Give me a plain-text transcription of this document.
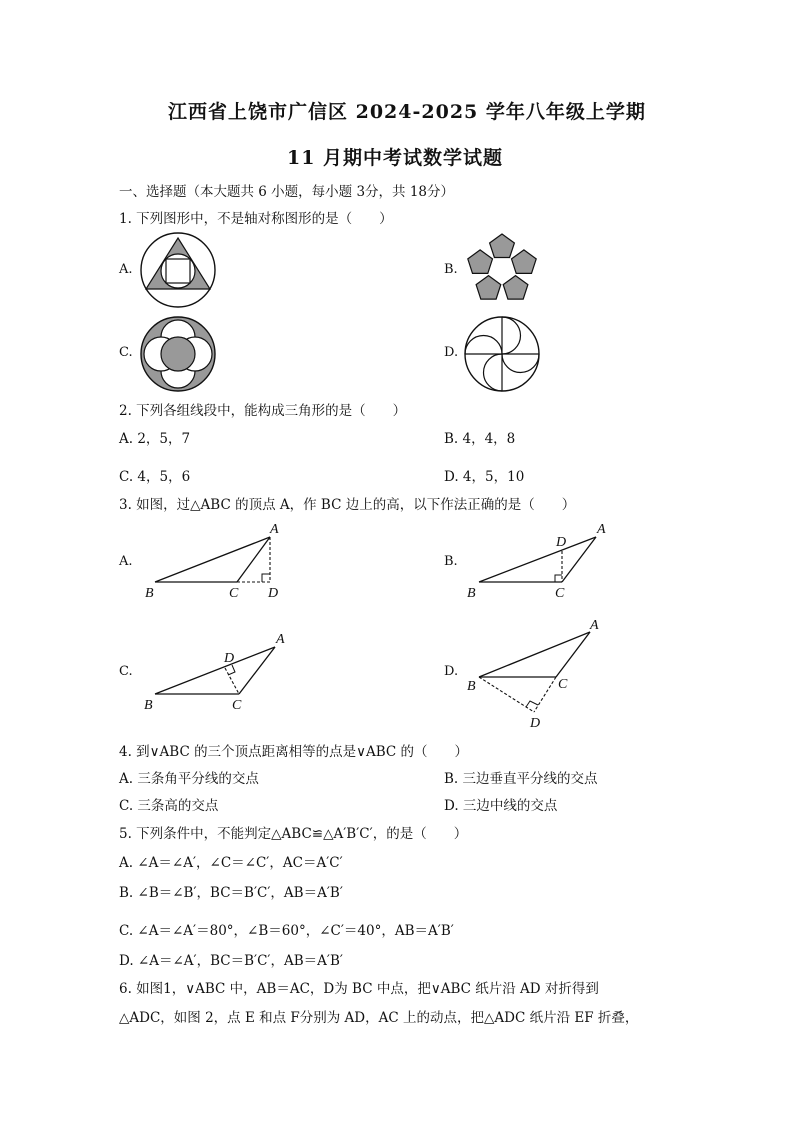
江西省上饶市广信区 2024-2025 学年八年级上学期
11 月期中考试数学试题
一、选择题（本大题共 6 小题，每小题 3分，共 18分）
1. 下列图形中，不是轴对称图形的是（　　）
A.	B.
C.	D.
2. 下列各组线段中，能构成三角形的是（　　）
A. 2，5，7	B. 4，4，8
C. 4，5，6	D. 4，5，10
3. 如图，过△ABC 的顶点 A，作 BC 边上的高，以下作法正确的是（　　）
A.	B.
C.	D.
A
B	C D
A
B	C
D
A
B	C
D
A
B	C
D
4. 到∨ABC 的三个顶点距离相等的点是∨ABC 的（　　）
A. 三条角平分线的交点	B. 三边垂直平分线的交点
C. 三条高的交点	D. 三边中线的交点
5. 下列条件中，不能判定△ABC≌△A′B′C′，的是（　　）
A. ∠A＝∠A′，∠C＝∠C′，AC＝A′C′
B. ∠B＝∠B′，BC＝B′C′，AB＝A′B′
C. ∠A＝∠A′＝80°，∠B＝60°，∠C′＝40°，AB＝A′B′
D. ∠A＝∠A′，BC＝B′C′，AB＝A′B′
6. 如图1，∨ABC 中，AB＝AC，D为 BC 中点，把∨ABC 纸片沿 AD 对折得到
△ADC，如图 2，点 E 和点 F分别为 AD，AC 上的动点，把△ADC 纸片沿 EF 折叠，
